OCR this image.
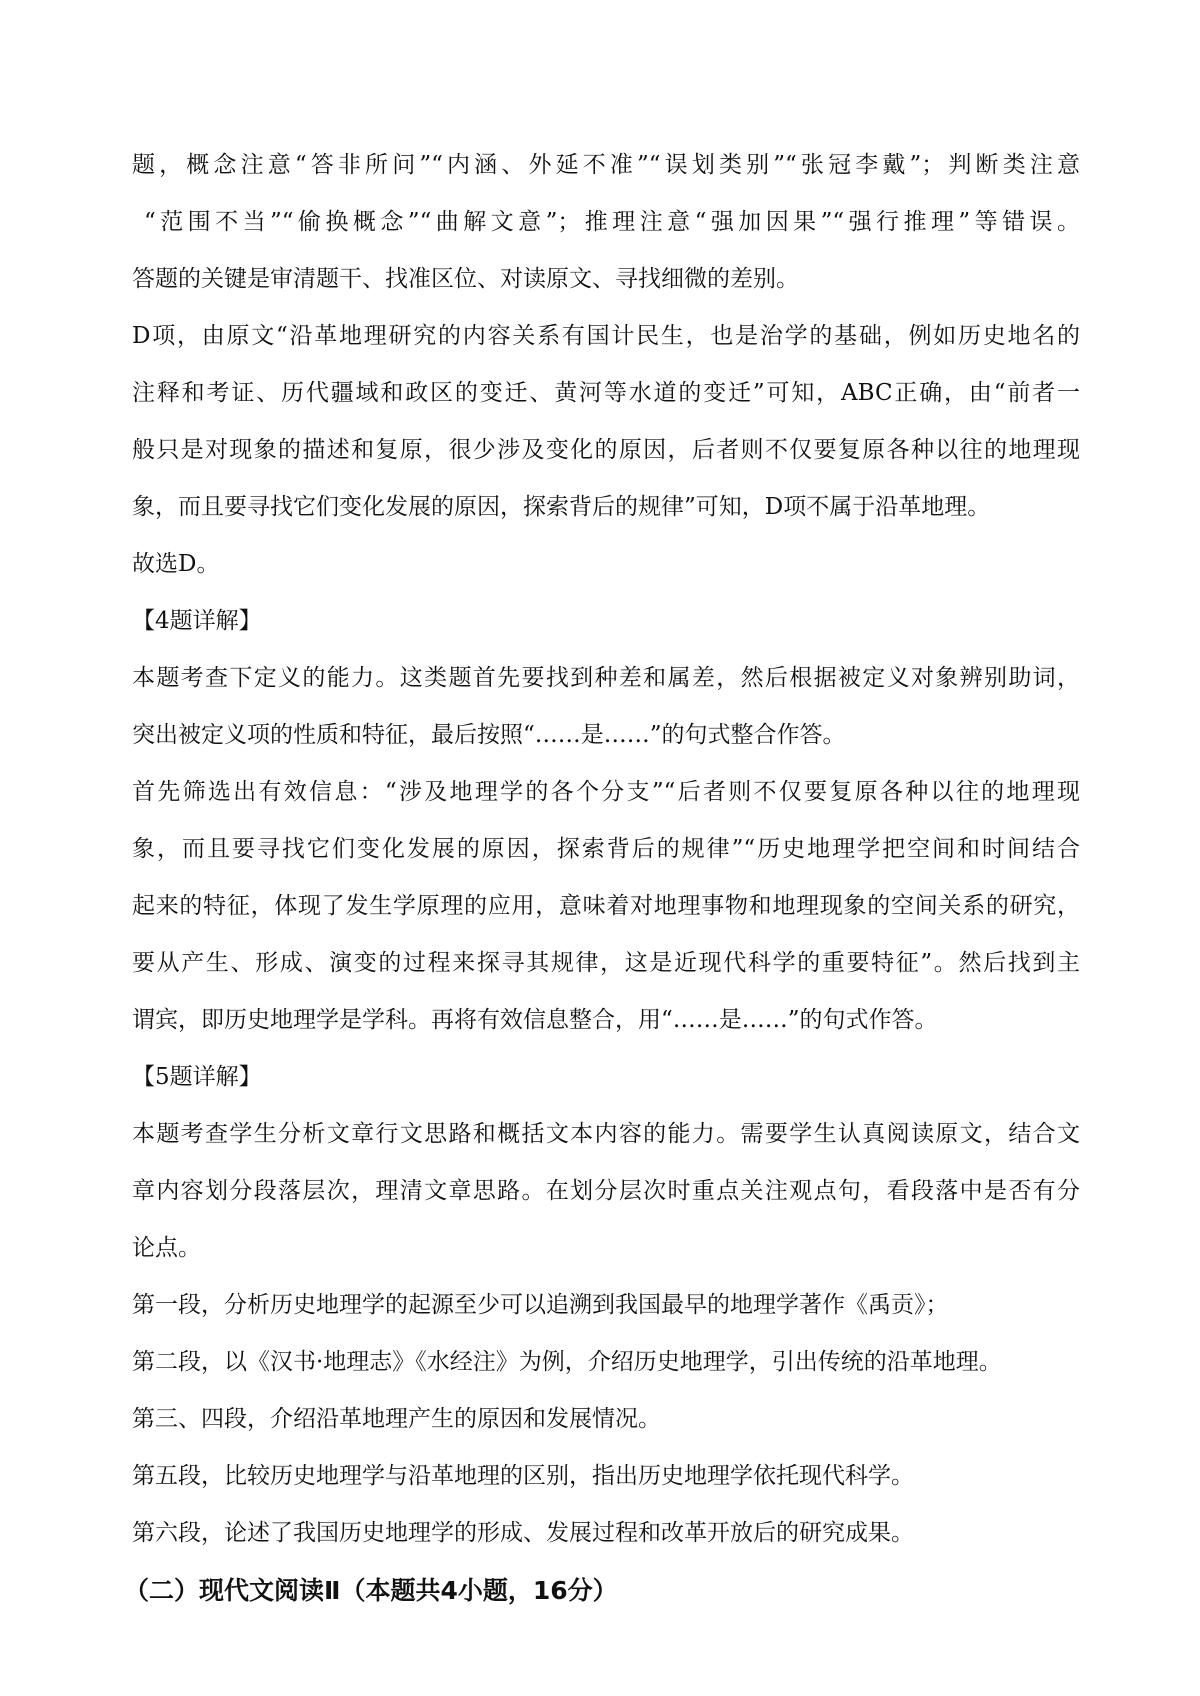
题，概念注意“答非所问”“内涵、外延不准”“误划类别”“张冠李戴”；判断类注意
“范围不当”“偷换概念”“曲解文意”；推理注意“强加因果”“强行推理”等错误。
答题的关键是审清题干、找准区位、对读原文、寻找细微的差别。
D项，由原文“沿革地理研究的内容关系有国计民生，也是治学的基础，例如历史地名的
注释和考证、历代疆域和政区的变迁、黄河等水道的变迁”可知，ABC正确，由“前者一
般只是对现象的描述和复原，很少涉及变化的原因，后者则不仅要复原各种以往的地理现
象，而且要寻找它们变化发展的原因，探索背后的规律”可知，D项不属于沿革地理。
故选D。
【4题详解】
本题考查下定义的能力。这类题首先要找到种差和属差，然后根据被定义对象辨别助词，
突出被定义项的性质和特征，最后按照“……是……”的句式整合作答。
首先筛选出有效信息：“涉及地理学的各个分支”“后者则不仅要复原各种以往的地理现
象，而且要寻找它们变化发展的原因，探索背后的规律”“历史地理学把空间和时间结合
起来的特征，体现了发生学原理的应用，意味着对地理事物和地理现象的空间关系的研究，
要从产生、形成、演变的过程来探寻其规律，这是近现代科学的重要特征”。然后找到主
谓宾，即历史地理学是学科。再将有效信息整合，用“……是……”的句式作答。
【5题详解】
本题考查学生分析文章行文思路和概括文本内容的能力。需要学生认真阅读原文，结合文
章内容划分段落层次，理清文章思路。在划分层次时重点关注观点句，看段落中是否有分
论点。
第一段，分析历史地理学的起源至少可以追溯到我国最早的地理学著作《禹贡》；
第二段，以《汉书·地理志》《水经注》为例，介绍历史地理学，引出传统的沿革地理。
第三、四段，介绍沿革地理产生的原因和发展情况。
第五段，比较历史地理学与沿革地理的区别，指出历史地理学依托现代科学。
第六段，论述了我国历史地理学的形成、发展过程和改革开放后的研究成果。
（二）现代文阅读Ⅱ（本题共4小题，16分）
